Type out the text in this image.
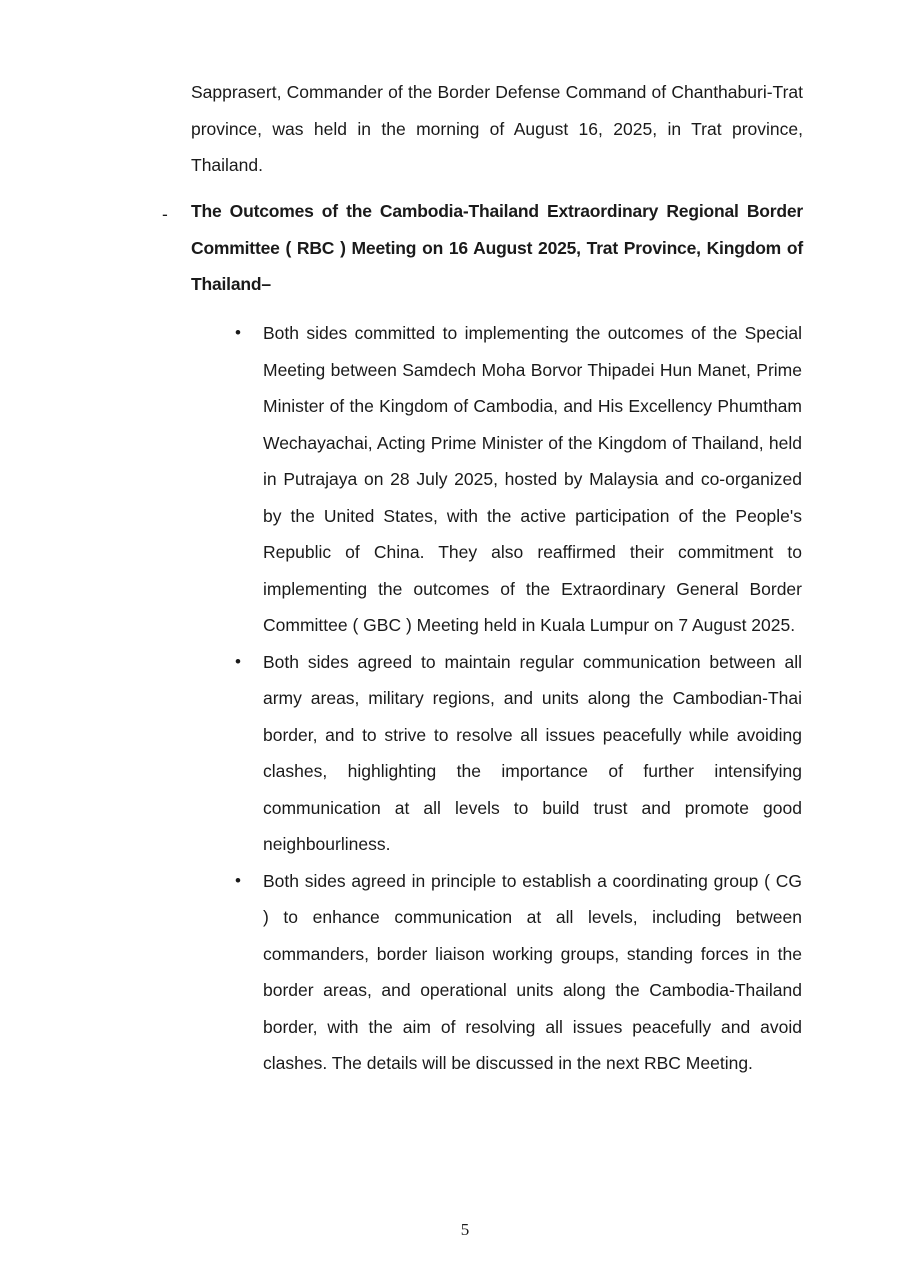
Sapprasert, Commander of the Border Defense Command of Chanthaburi-Trat province, was held in the morning of August 16, 2025, in Trat province, Thailand.

- The Outcomes of the Cambodia-Thailand Extraordinary Regional Border Committee ( RBC ) Meeting on 16 August 2025, Trat Province, Kingdom of Thailand–

• Both sides committed to implementing the outcomes of the Special Meeting between Samdech Moha Borvor Thipadei Hun Manet, Prime Minister of the Kingdom of Cambodia, and His Excellency Phumtham Wechayachai, Acting Prime Minister of the Kingdom of Thailand, held in Putrajaya on 28 July 2025, hosted by Malaysia and co-organized by the United States, with the active participation of the People's Republic of China. They also reaffirmed their commitment to implementing the outcomes of the Extraordinary General Border Committee ( GBC ) Meeting held in Kuala Lumpur on 7 August 2025.
• Both sides agreed to maintain regular communication between all army areas, military regions, and units along the Cambodian-Thai border, and to strive to resolve all issues peacefully while avoiding clashes, highlighting the importance of further intensifying communication at all levels to build trust and promote good neighbourliness.
• Both sides agreed in principle to establish a coordinating group ( CG ) to enhance communication at all levels, including between commanders, border liaison working groups, standing forces in the border areas, and operational units along the Cambodia-Thailand border, with the aim of resolving all issues peacefully and avoid clashes. The details will be discussed in the next RBC Meeting.
5
